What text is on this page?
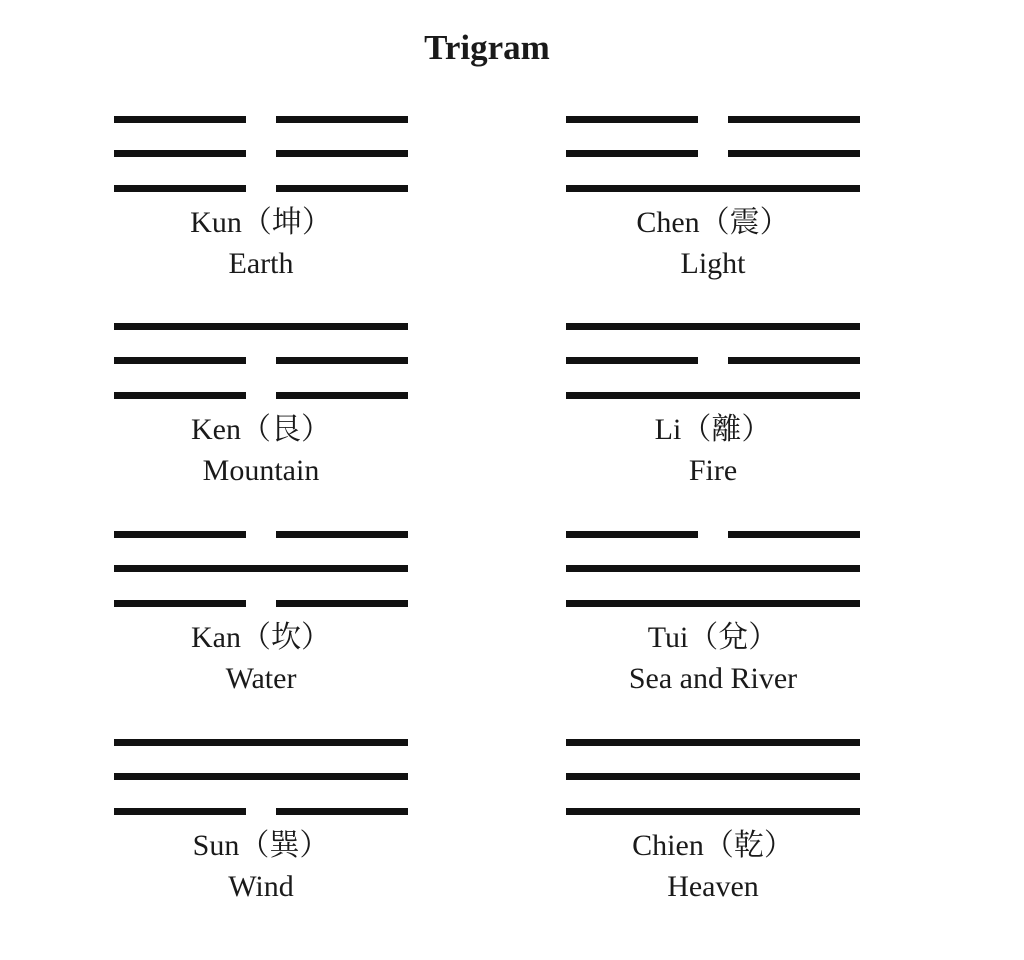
Trigram
Kun（坤）
Earth
Chen（震）
Light
Ken（艮）
Mountain
Li（離）
Fire
Kan（坎）
Water
Tui（兌）
Sea and River
Sun（巽）
Wind
Chien（乾）
Heaven
